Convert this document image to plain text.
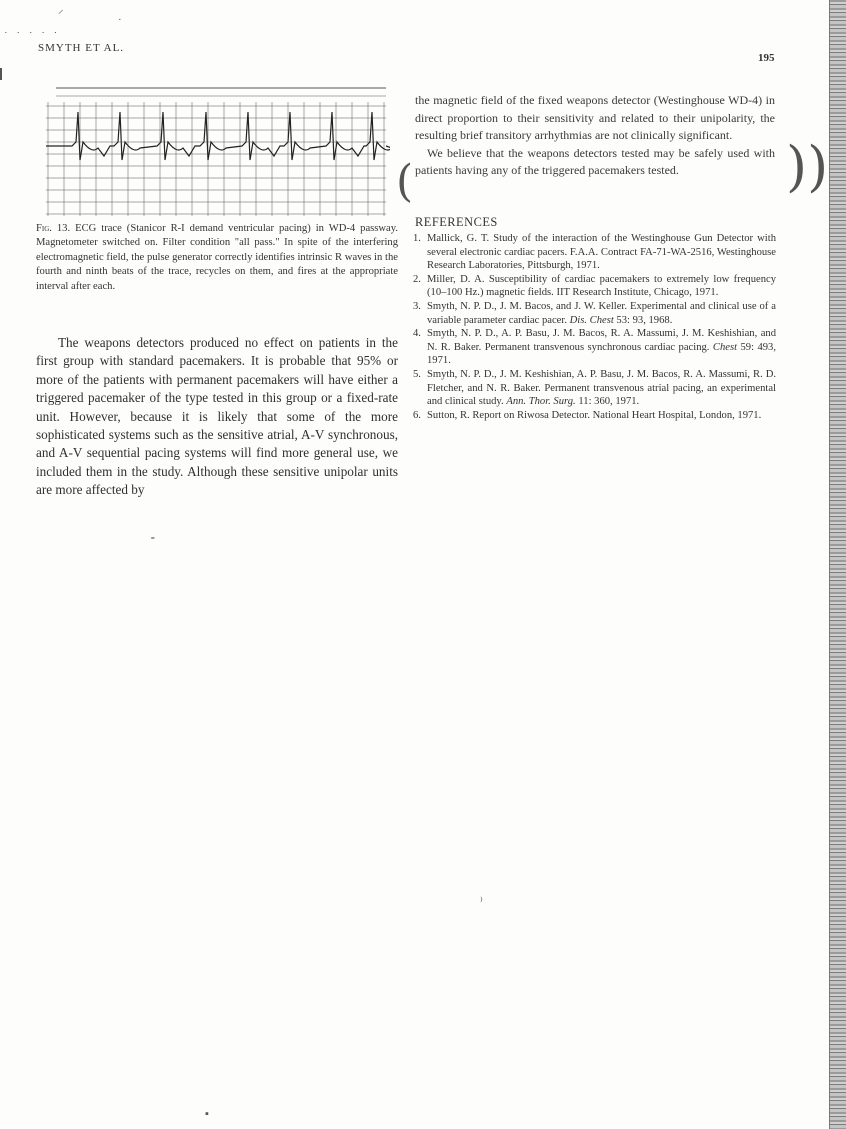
⸝
˙ ˙ ˙ ˙ ˙
·
⁃
⁾
▪
SMYTH ET AL.
195
Fig. 13. ECG trace (Stanicor R-I demand ventricular pacing) in WD-4 passway. Magnetometer switched on. Filter condition "all pass." In spite of the interfering electromagnetic field, the pulse generator correctly identifies intrinsic R waves in the fourth and ninth beats of the trace, recycles on them, and fires at the appropriate interval after each.

The weapons detectors produced no effect on patients in the first group with standard pacemakers. It is probable that 95% or more of the patients with permanent pacemakers will have either a triggered pacemaker of the type tested in this group or a fixed-rate unit. However, because it is likely that some of the more sophisticated systems such as the sensitive atrial, A-V synchronous, and A-V sequential pacing systems will find more general use, we included them in the study. Although these sensitive unipolar units are more affected by

the magnetic field of the fixed weapons detector (Westinghouse WD-4) in direct proportion to their sensitivity and related to their unipolarity, the resulting brief transitory arrhythmias are not clinically significant.

We believe that the weapons detectors tested may be safely used with patients having any of the triggered pacemakers tested.

(	))
REFERENCES
1. Mallick, G. T. Study of the interaction of the Westinghouse Gun Detector with several electronic cardiac pacers. F.A.A. Contract FA-71-WA-2516, Westinghouse Research Laboratories, Pittsburgh, 1971.
2. Miller, D. A. Susceptibility of cardiac pacemakers to extremely low frequency (10–100 Hz.) magnetic fields. IIT Research Institute, Chicago, 1971.
3. Smyth, N. P. D., J. M. Bacos, and J. W. Keller. Experimental and clinical use of a variable parameter cardiac pacer. Dis. Chest 53: 93, 1968.
4. Smyth, N. P. D., A. P. Basu, J. M. Bacos, R. A. Massumi, J. M. Keshishian, and N. R. Baker. Permanent transvenous synchronous cardiac pacing. Chest 59: 493, 1971.
5. Smyth, N. P. D., J. M. Keshishian, A. P. Basu, J. M. Bacos, R. A. Massumi, R. D. Fletcher, and N. R. Baker. Permanent transvenous atrial pacing, an experimental and clinical study. Ann. Thor. Surg. 11: 360, 1971.
6. Sutton, R. Report on Riwosa Detector. National Heart Hospital, London, 1971.
